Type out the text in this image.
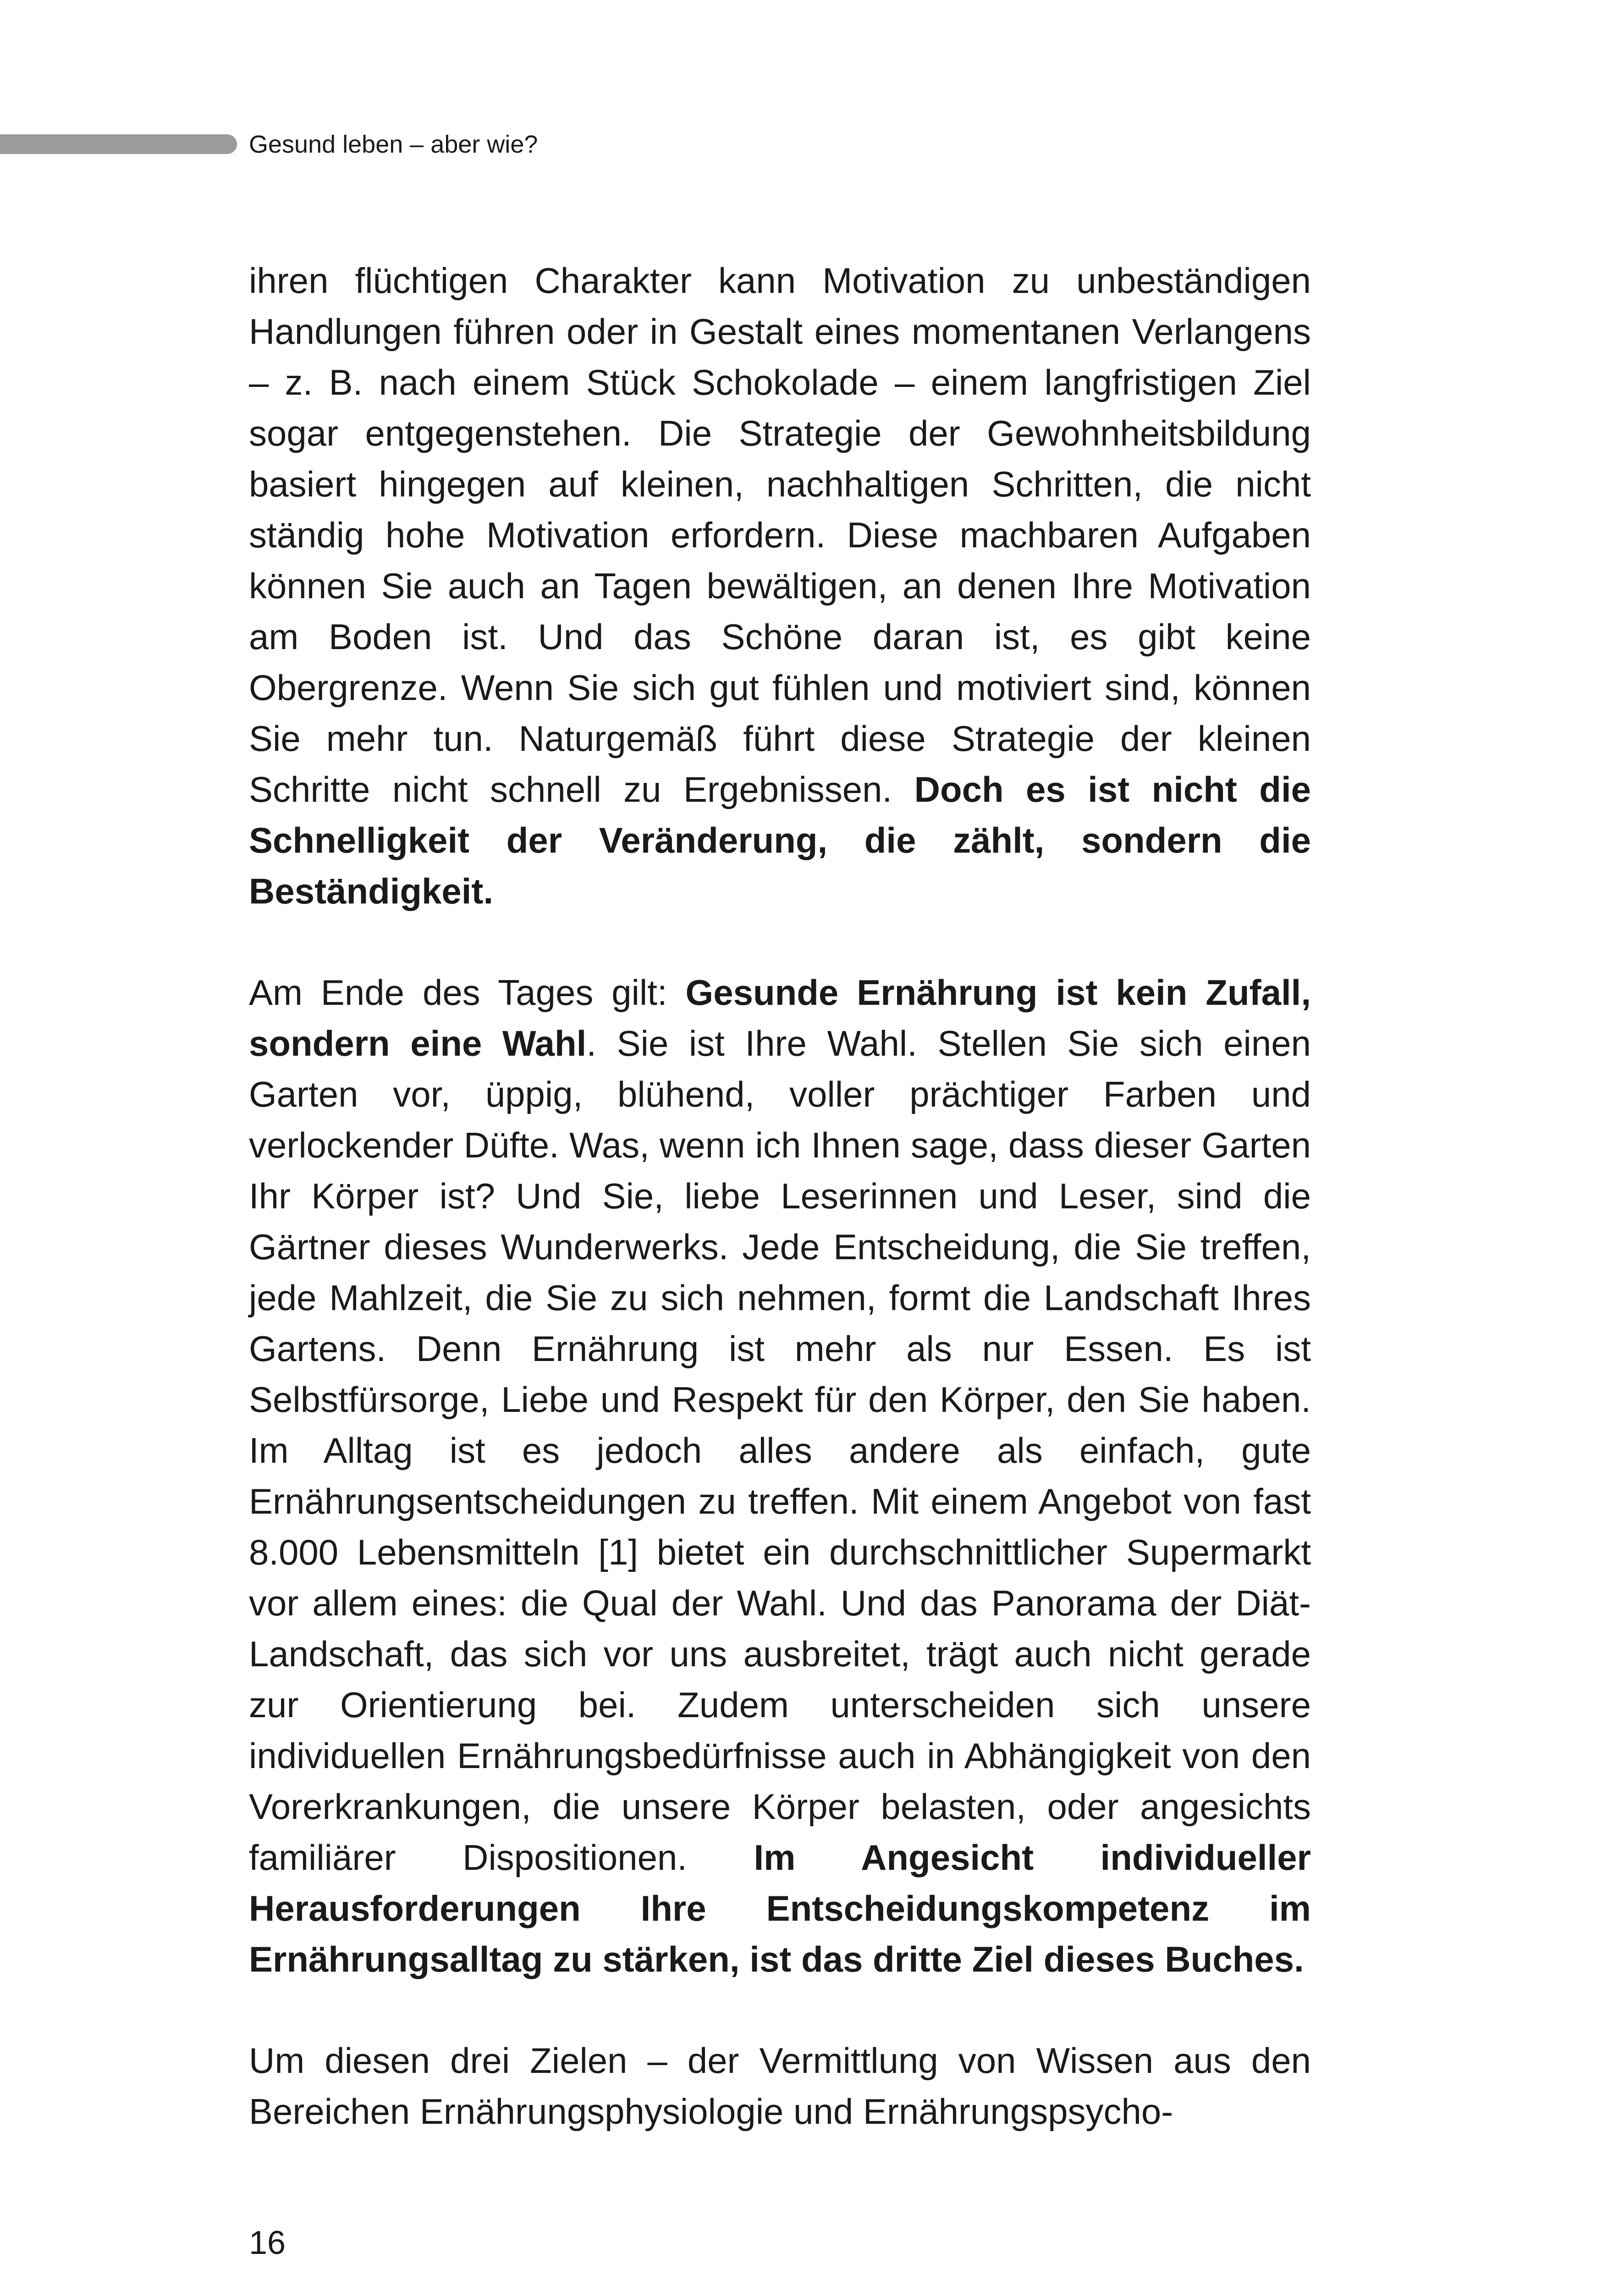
Gesund leben – aber wie?

ihren flüchtigen Charakter kann Motivation zu unbeständigen Handlungen führen oder in Gestalt eines momentanen Verlangens – z. B. nach einem Stück Schokolade – einem langfristigen Ziel sogar entgegenstehen. Die Strategie der Gewohnheitsbildung basiert hingegen auf kleinen, nachhaltigen Schritten, die nicht ständig hohe Motivation erfordern. Diese machbaren Aufgaben können Sie auch an Tagen bewältigen, an denen Ihre Motivation am Boden ist. Und das Schöne daran ist, es gibt keine Obergrenze. Wenn Sie sich gut fühlen und motiviert sind, können Sie mehr tun. Naturgemäß führt diese Strategie der kleinen Schritte nicht schnell zu Ergebnissen. Doch es ist nicht die Schnelligkeit der Veränderung, die zählt, sondern die Beständigkeit.

Am Ende des Tages gilt: Gesunde Ernährung ist kein Zufall, sondern eine Wahl. Sie ist Ihre Wahl. Stellen Sie sich einen Garten vor, üppig, blühend, voller prächtiger Farben und verlockender Düfte. Was, wenn ich Ihnen sage, dass dieser Garten Ihr Körper ist? Und Sie, liebe Leserinnen und Leser, sind die Gärtner dieses Wunderwerks. Jede Entscheidung, die Sie treffen, jede Mahlzeit, die Sie zu sich nehmen, formt die Landschaft Ihres Gartens. Denn Ernährung ist mehr als nur Essen. Es ist Selbstfürsorge, Liebe und Respekt für den Körper, den Sie haben. Im Alltag ist es jedoch alles andere als einfach, gute Ernährungsentscheidungen zu treffen. Mit einem Angebot von fast 8.000 Lebensmitteln [1] bietet ein durchschnittlicher Supermarkt vor allem eines: die Qual der Wahl. Und das Panorama der Diät-Landschaft, das sich vor uns ausbreitet, trägt auch nicht gerade zur Orientierung bei. Zudem unterscheiden sich unsere individuellen Ernährungsbedürfnisse auch in Abhängigkeit von den Vorerkrankungen, die unsere Körper belasten, oder angesichts familiärer Dispositionen. Im Angesicht individueller Herausforderungen Ihre Entscheidungskompetenz im Ernährungsalltag zu stärken, ist das dritte Ziel dieses Buches.

Um diesen drei Zielen – der Vermittlung von Wissen aus den Bereichen Ernährungsphysiologie und Ernährungspsycho-

16
